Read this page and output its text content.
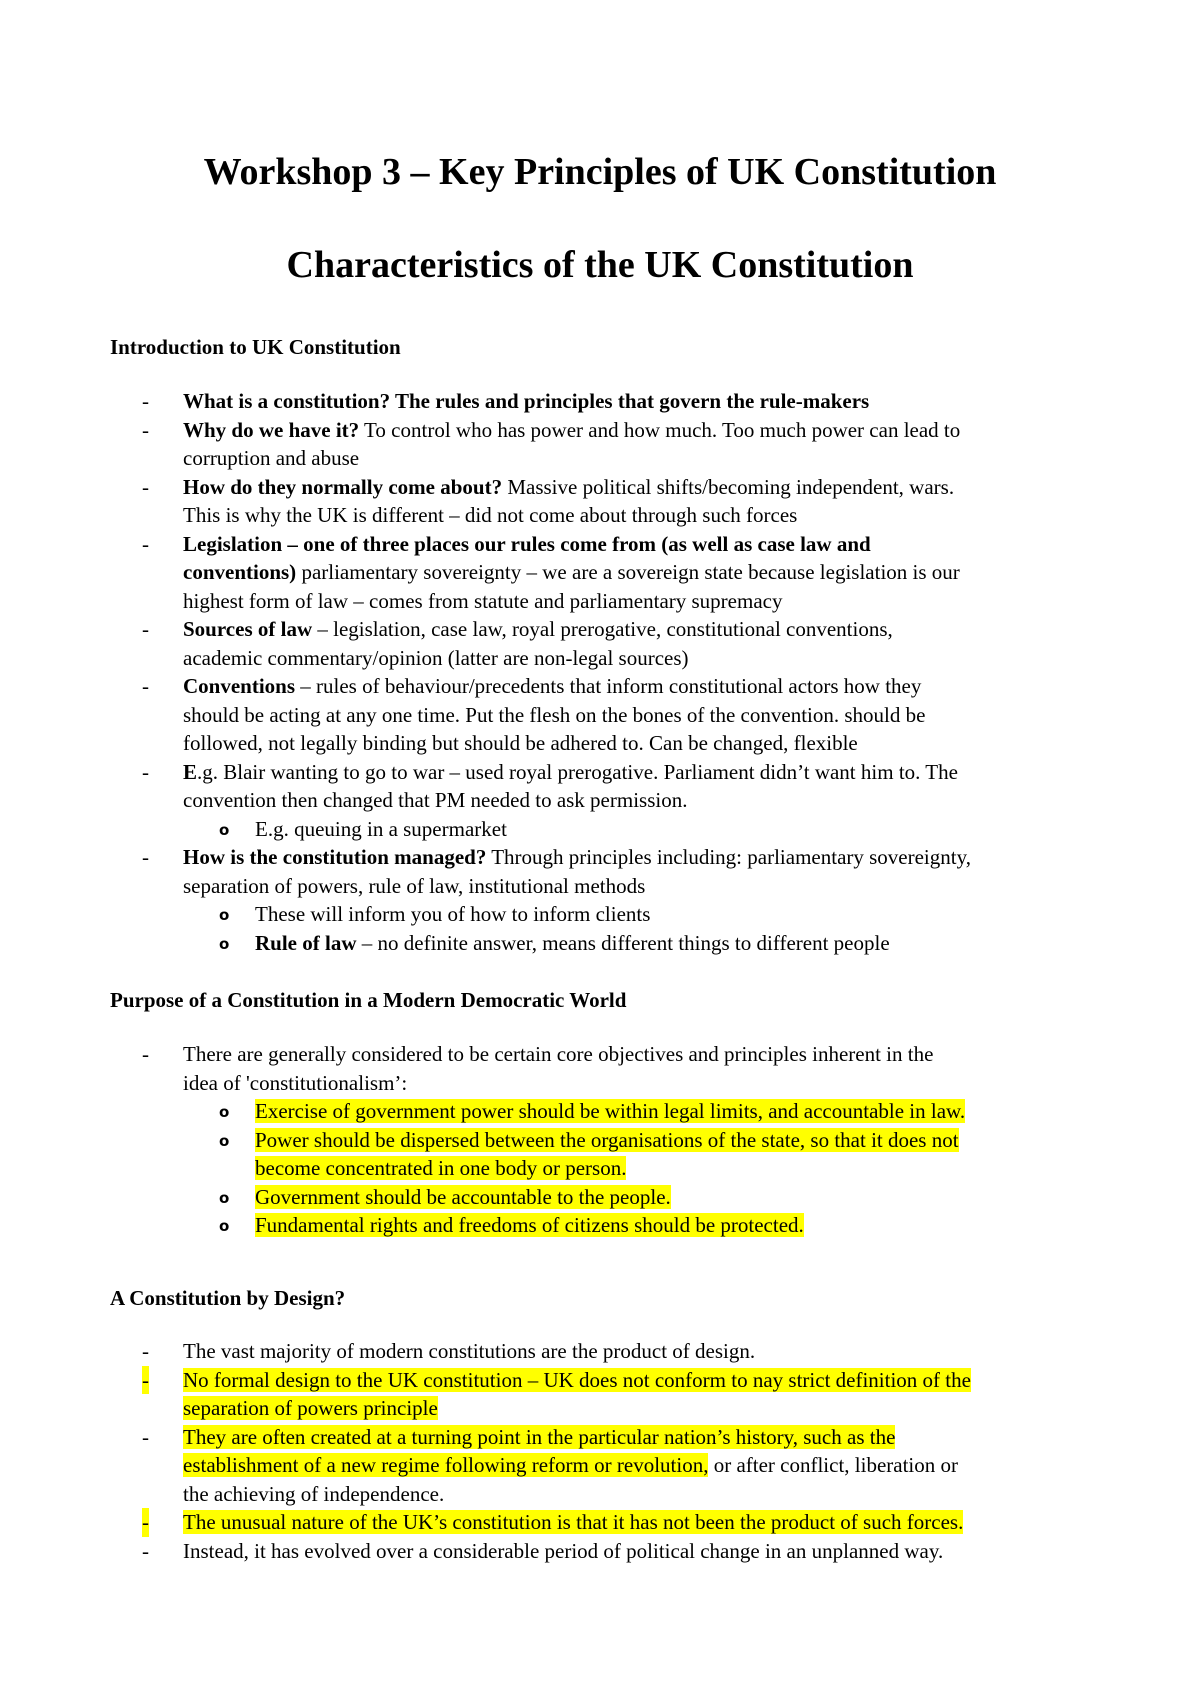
Workshop 3 – Key Principles of UK Constitution
Characteristics of the UK Constitution
Introduction to UK Constitution
- What is a constitution? The rules and principles that govern the rule-makers
- Why do we have it? To control who has power and how much. Too much power can lead to
corruption and abuse
- How do they normally come about? Massive political shifts/becoming independent, wars.
This is why the UK is different – did not come about through such forces
- Legislation – one of three places our rules come from (as well as case law and
conventions) parliamentary sovereignty – we are a sovereign state because legislation is our
highest form of law – comes from statute and parliamentary supremacy
- Sources of law – legislation, case law, royal prerogative, constitutional conventions,
academic commentary/opinion (latter are non-legal sources)
- Conventions – rules of behaviour/precedents that inform constitutional actors how they
should be acting at any one time. Put the flesh on the bones of the convention. should be
followed, not legally binding but should be adhered to. Can be changed, flexible
- E.g. Blair wanting to go to war – used royal prerogative. Parliament didn’t want him to. The
convention then changed that PM needed to ask permission.
o E.g. queuing in a supermarket
- How is the constitution managed? Through principles including: parliamentary sovereignty,
separation of powers, rule of law, institutional methods
o These will inform you of how to inform clients
o Rule of law – no definite answer, means different things to different people
Purpose of a Constitution in a Modern Democratic World
- There are generally considered to be certain core objectives and principles inherent in the
idea of 'constitutionalism’:
o Exercise of government power should be within legal limits, and accountable in law.
o Power should be dispersed between the organisations of the state, so that it does not
become concentrated in one body or person.
o Government should be accountable to the people.
o Fundamental rights and freedoms of citizens should be protected.
A Constitution by Design?
- The vast majority of modern constitutions are the product of design.
- No formal design to the UK constitution – UK does not conform to nay strict definition of the
separation of powers principle
- They are often created at a turning point in the particular nation’s history, such as the
establishment of a new regime following reform or revolution, or after conflict, liberation or
the achieving of independence.
- The unusual nature of the UK’s constitution is that it has not been the product of such forces.
- Instead, it has evolved over a considerable period of political change in an unplanned way.
